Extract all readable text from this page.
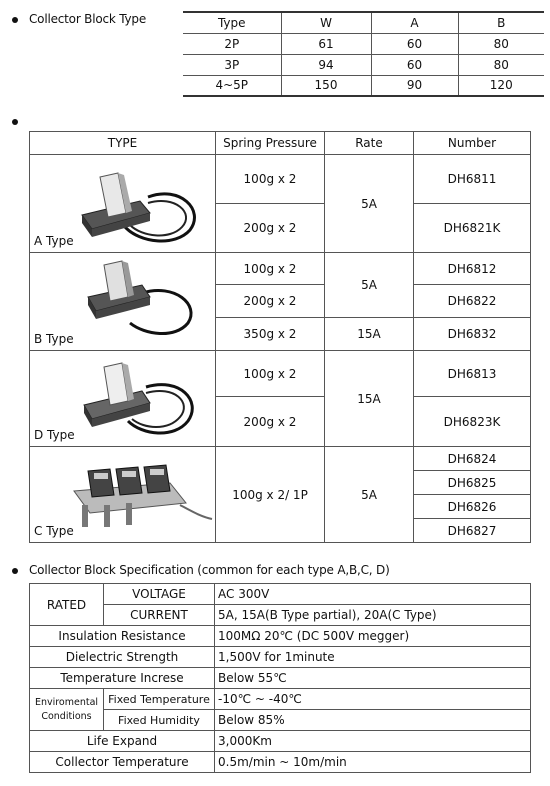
Collector Block Type	Type	W	A	B
2P	61	60	80
3P	94	60	80
4~5P	150	90	120
TYPE	Spring Pressure	Rate	Number

A Type	100g x 2	5A	DH6811
	200g x 2		DH6821K

B Type	100g x 2	5A	DH6812
	200g x 2		DH6822
	350g x 2	15A	DH6832

D Type	100g x 2	15A	DH6813
	200g x 2		DH6823K

C Type	100g x 2/ 1P	5A	DH6824
			DH6825
			DH6826
			DH6827
Collector Block Specification (common for each type A,B,C, D)
RATED	VOLTAGE	AC 300V
	CURRENT	5A, 15A(B Type partial), 20A(C Type)
Insulation Resistance		100MΩ 20℃ (DC 500V megger)
Dielectric Strength		1,500V for 1minute
Temperature Increse		Below 55℃
Enviromental
Conditions	Fixed Temperature	-10℃ ~ -40℃
	Fixed Humidity	Below 85%
Life Expand		3,000Km
Collector Temperature		0.5m/min ~ 10m/min
